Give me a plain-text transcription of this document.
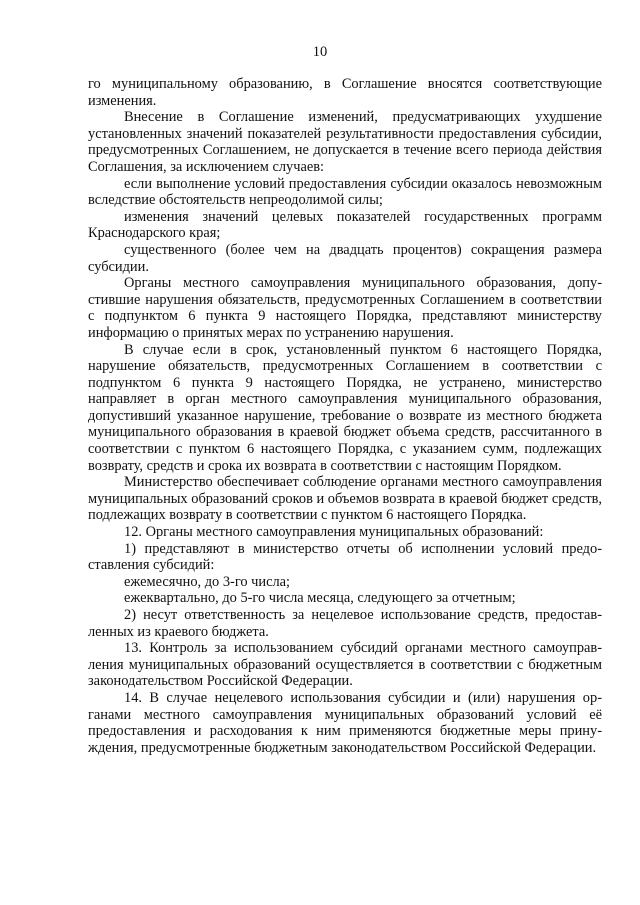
10

го муниципальному образованию, в Соглашение вносятся соответствующие изменения.

Внесение в Соглашение изменений, предусматривающих ухудшение установленных значений показателей результативности предоставления субсидии, предусмотренных Соглашением, не допускается в течение всего периода действия Соглашения, за исключением случаев:

если выполнение условий предоставления субсидии оказалось невозможным вследствие обстоятельств непреодолимой силы;

изменения значений целевых показателей государственных программ Краснодарского края;

существенного (более чем на двадцать процентов) сокращения размера субсидии.

Органы местного самоуправления муниципального образования, допустившие нарушения обязательств, предусмотренных Соглашением в соответствии с подпунктом 6 пункта 9 настоящего Порядка, представляют министерству информацию о принятых мерах по устранению нарушения.

В случае если в срок, установленный пунктом 6 настоящего Порядка, нарушение обязательств, предусмотренных Соглашением в соответствии с подпунктом 6 пункта 9 настоящего Порядка, не устранено, министерство направляет в орган местного самоуправления муниципального образования, допустивший указанное нарушение, требование о возврате из местного бюджета муниципального образования в краевой бюджет объема средств, рассчитанного в соответствии с пунктом 6 настоящего Порядка, с указанием сумм, подлежащих возврату, средств и срока их возврата в соответствии с настоящим Порядком.

Министерство обеспечивает соблюдение органами местного самоуправления муниципальных образований сроков и объемов возврата в краевой бюджет средств, подлежащих возврату в соответствии с пунктом 6 настоящего Порядка.

12. Органы местного самоуправления муниципальных образований:

1) представляют в министерство отчеты об исполнении условий предоставления субсидий:

ежемесячно, до 3-го числа;

ежеквартально, до 5-го числа месяца, следующего за отчетным;

2) несут ответственность за нецелевое использование средств, предоставленных из краевого бюджета.

13. Контроль за использованием субсидий органами местного самоуправления муниципальных образований осуществляется в соответствии с бюджетным законодательством Российской Федерации.

14. В случае нецелевого использования субсидии и (или) нарушения органами местного самоуправления муниципальных образований условий её предоставления и расходования к ним применяются бюджетные меры принуждения, предусмотренные бюджетным законодательством Российской Федерации.
